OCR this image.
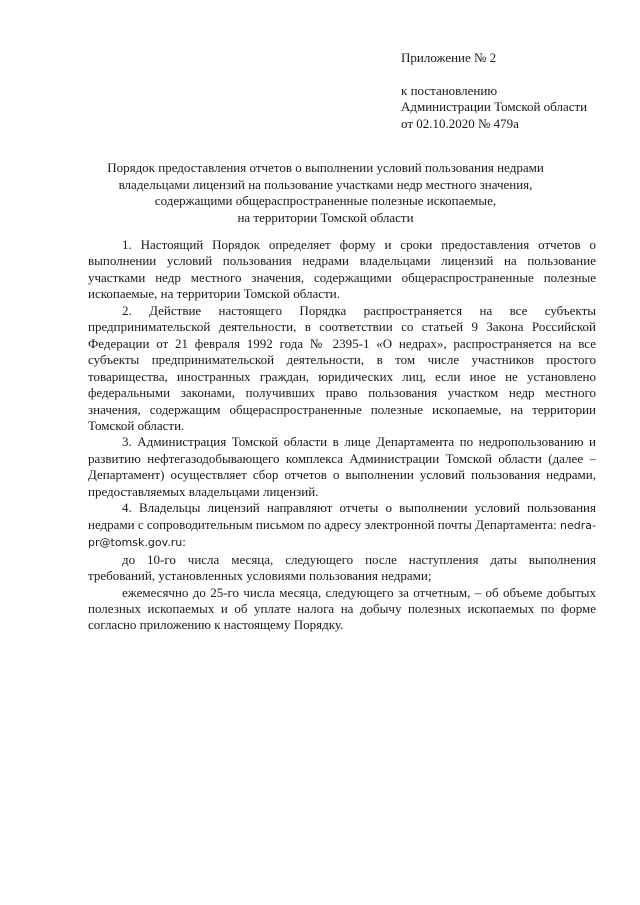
Приложение № 2
к постановлению
Администрации Томской области
от 02.10.2020 № 479а
Порядок предоставления отчетов о выполнении условий пользования недрами
владельцами лицензий на пользование участками недр местного значения,
содержащими общераспространенные полезные ископаемые,
на территории Томской области

1. Настоящий Порядок определяет форму и сроки предоставления отчетов о выполнении условий пользования недрами владельцами лицензий на пользование участками недр местного значения, содержащими общераспространенные полезные ископаемые, на территории Томской области.

2. Действие настоящего Порядка распространяется на все субъекты предпринимательской деятельности, в соответствии со статьей 9 Закона Российской Федерации от 21 февраля 1992 года № 2395-1 «О недрах», распространяется на все субъекты предпринимательской деятельности, в том числе участников простого товарищества, иностранных граждан, юридических лиц, если иное не установлено федеральными законами, получивших право пользования участком недр местного значения, содержащим общераспространенные полезные ископаемые, на территории Томской области.

3. Администрация Томской области в лице Департамента по недропользованию и развитию нефтегазодобывающего комплекса Администрации Томской области (далее – Департамент) осуществляет сбор отчетов о выполнении условий пользования недрами, предоставляемых владельцами лицензий.

4. Владельцы лицензий направляют отчеты о выполнении условий пользования недрами с сопроводительным письмом по адресу электронной почты Департамента: nedra-pr@tomsk.gov.ru:

до 10-го числа месяца, следующего после наступления даты выполнения требований, установленных условиями пользования недрами;

ежемесячно до 25-го числа месяца, следующего за отчетным, – об объеме добытых полезных ископаемых и об уплате налога на добычу полезных ископаемых по форме согласно приложению к настоящему Порядку.
